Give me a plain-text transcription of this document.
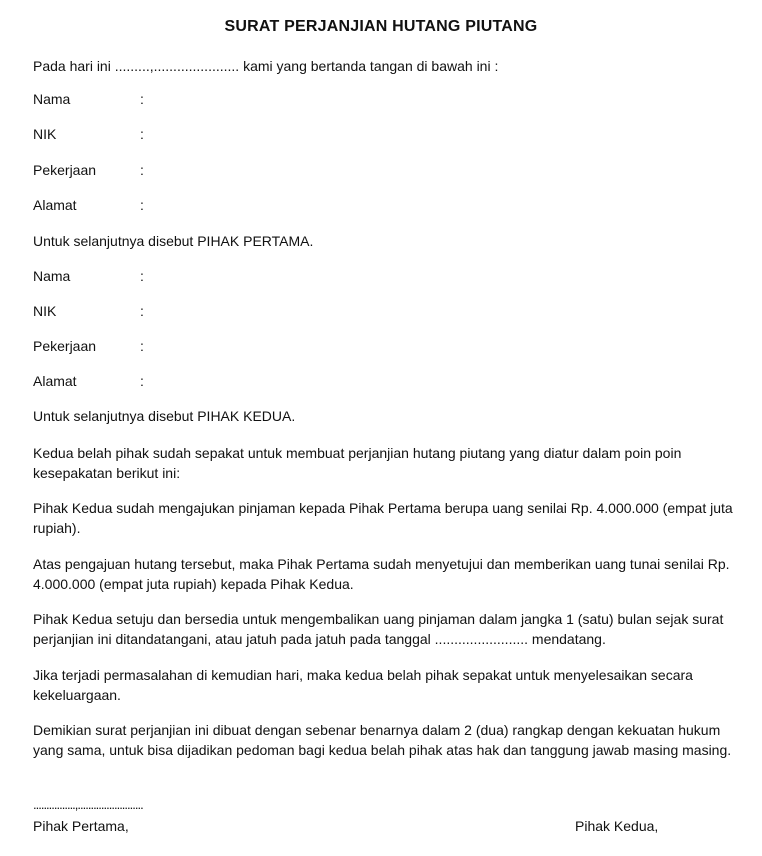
SURAT PERJANJIAN HUTANG PIUTANG
Pada hari ini .........,...................... kami yang bertanda tangan di bawah ini :
Nama	:
NIK	:
Pekerjaan	:
Alamat	:
Untuk selanjutnya disebut PIHAK PERTAMA.
Nama	:
NIK	:
Pekerjaan	:
Alamat	:
Untuk selanjutnya disebut PIHAK KEDUA.
Kedua belah pihak sudah sepakat untuk membuat perjanjian hutang piutang yang diatur dalam poin poin kesepakatan berikut ini:
Pihak Kedua sudah mengajukan pinjaman kepada Pihak Pertama berupa uang senilai Rp. 4.000.000 (empat juta rupiah).
Atas pengajuan hutang tersebut, maka Pihak Pertama sudah menyetujui dan memberikan uang tunai senilai Rp. 4.000.000 (empat juta rupiah) kepada Pihak Kedua.
Pihak Kedua setuju dan bersedia untuk mengembalikan uang pinjaman dalam jangka 1 (satu) bulan sejak surat perjanjian ini ditandatangani, atau jatuh pada jatuh pada tanggal ........................ mendatang.
Jika terjadi permasalahan di kemudian hari, maka kedua belah pihak sepakat untuk menyelesaikan secara kekeluargaan.
Demikian surat perjanjian ini dibuat dengan sebenar benarnya dalam 2 (dua) rangkap dengan kekuatan hukum yang sama, untuk bisa dijadikan pedoman bagi kedua belah pihak atas hak dan tanggung jawab masing masing.
................,.........................
Pihak Pertama,	Pihak Kedua,
